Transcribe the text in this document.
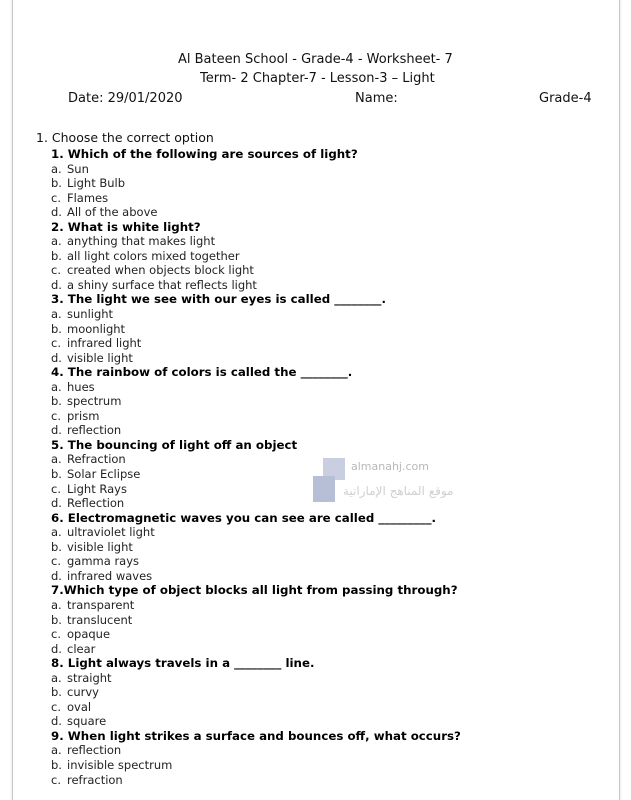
Al Bateen School - Grade-4 - Worksheet- 7
Term- 2 Chapter-7 - Lesson-3 – Light
Date: 29/01/2020	Name:	Grade-4
1. Choose the correct option
1. Which of the following are sources of light?
a. Sun
b. Light Bulb
c. Flames
d. All of the above
2. What is white light?
a. anything that makes light
b. all light colors mixed together
c. created when objects block light
d. a shiny surface that reflects light
3. The light we see with our eyes is called ________.
a. sunlight
b. moonlight
c. infrared light
d. visible light
4. The rainbow of colors is called the ________.
a. hues
b. spectrum
c. prism
d. reflection
5. The bouncing of light off an object
a. Refraction
b. Solar Eclipse
c. Light Rays
d. Reflection
6. Electromagnetic waves you can see are called _________.
a. ultraviolet light
b. visible light
c. gamma rays
d. infrared waves
7.Which type of object blocks all light from passing through?
a. transparent
b. translucent
c. opaque
d. clear
8. Light always travels in a ________ line.
a. straight
b. curvy
c. oval
d. square
9. When light strikes a surface and bounces off, what occurs?
a. reflection
b. invisible spectrum
c. refraction
almanahj.com
موقع المناهج الإماراتية
